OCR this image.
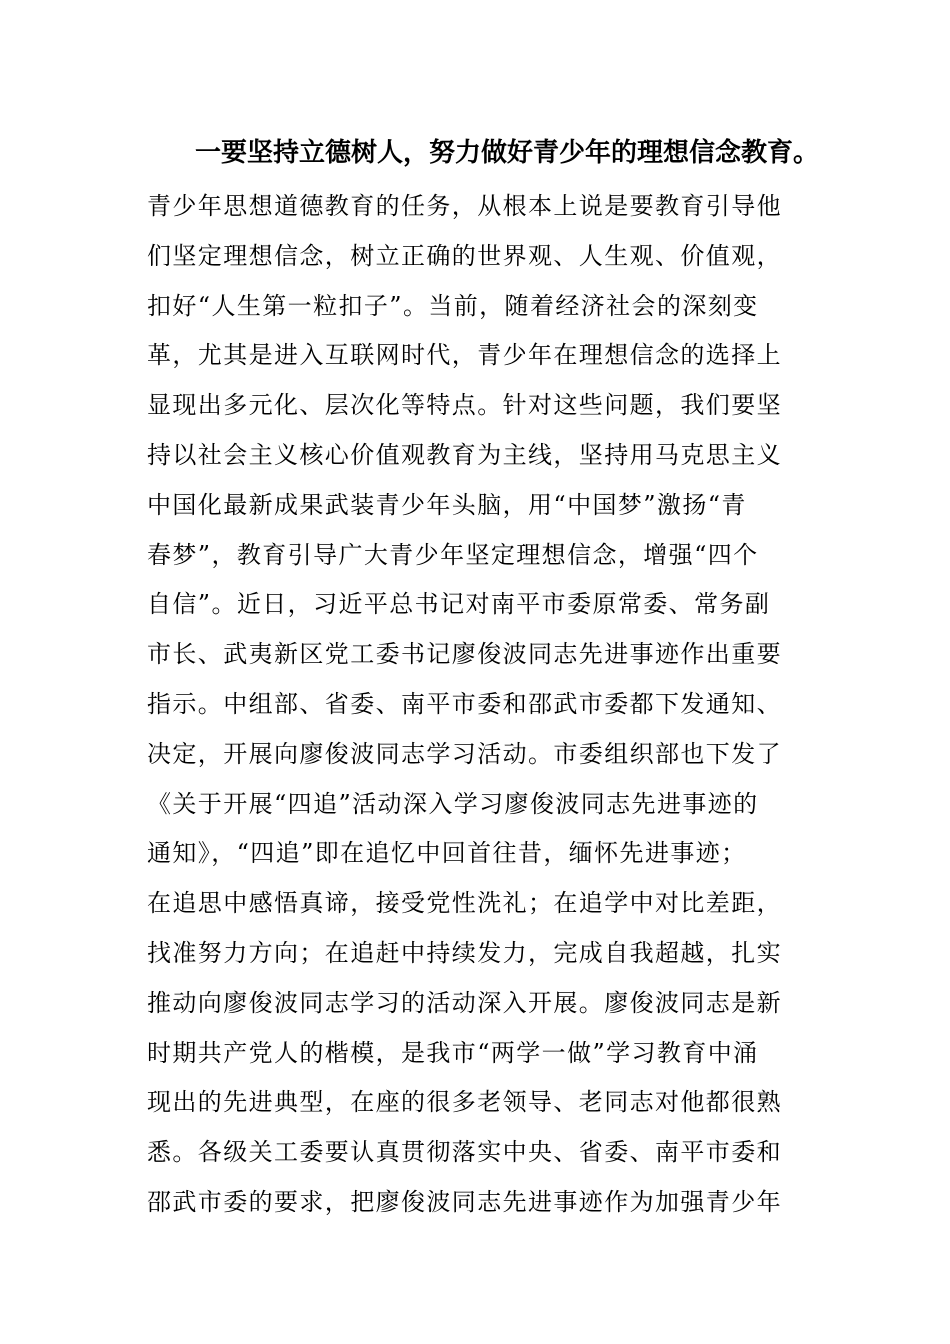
一要坚持立德树人，努力做好青少年的理想信念教育。
青少年思想道德教育的任务，从根本上说是要教育引导他
们坚定理想信念，树立正确的世界观、人生观、价值观，
扣好“人生第一粒扣子”。当前，随着经济社会的深刻变
革，尤其是进入互联网时代，青少年在理想信念的选择上
显现出多元化、层次化等特点。针对这些问题，我们要坚
持以社会主义核心价值观教育为主线，坚持用马克思主义
中国化最新成果武装青少年头脑，用“中国梦”激扬“青
春梦”，教育引导广大青少年坚定理想信念，增强“四个
自信”。近日，习近平总书记对南平市委原常委、常务副
市长、武夷新区党工委书记廖俊波同志先进事迹作出重要
指示。中组部、省委、南平市委和邵武市委都下发通知、
决定，开展向廖俊波同志学习活动。市委组织部也下发了
《关于开展“四追”活动深入学习廖俊波同志先进事迹的
通知》，“四追”即在追忆中回首往昔，缅怀先进事迹；
在追思中感悟真谛，接受党性洗礼；在追学中对比差距，
找准努力方向；在追赶中持续发力，完成自我超越，扎实
推动向廖俊波同志学习的活动深入开展。廖俊波同志是新
时期共产党人的楷模，是我市“两学一做”学习教育中涌
现出的先进典型，在座的很多老领导、老同志对他都很熟
悉。各级关工委要认真贯彻落实中央、省委、南平市委和
邵武市委的要求，把廖俊波同志先进事迹作为加强青少年
